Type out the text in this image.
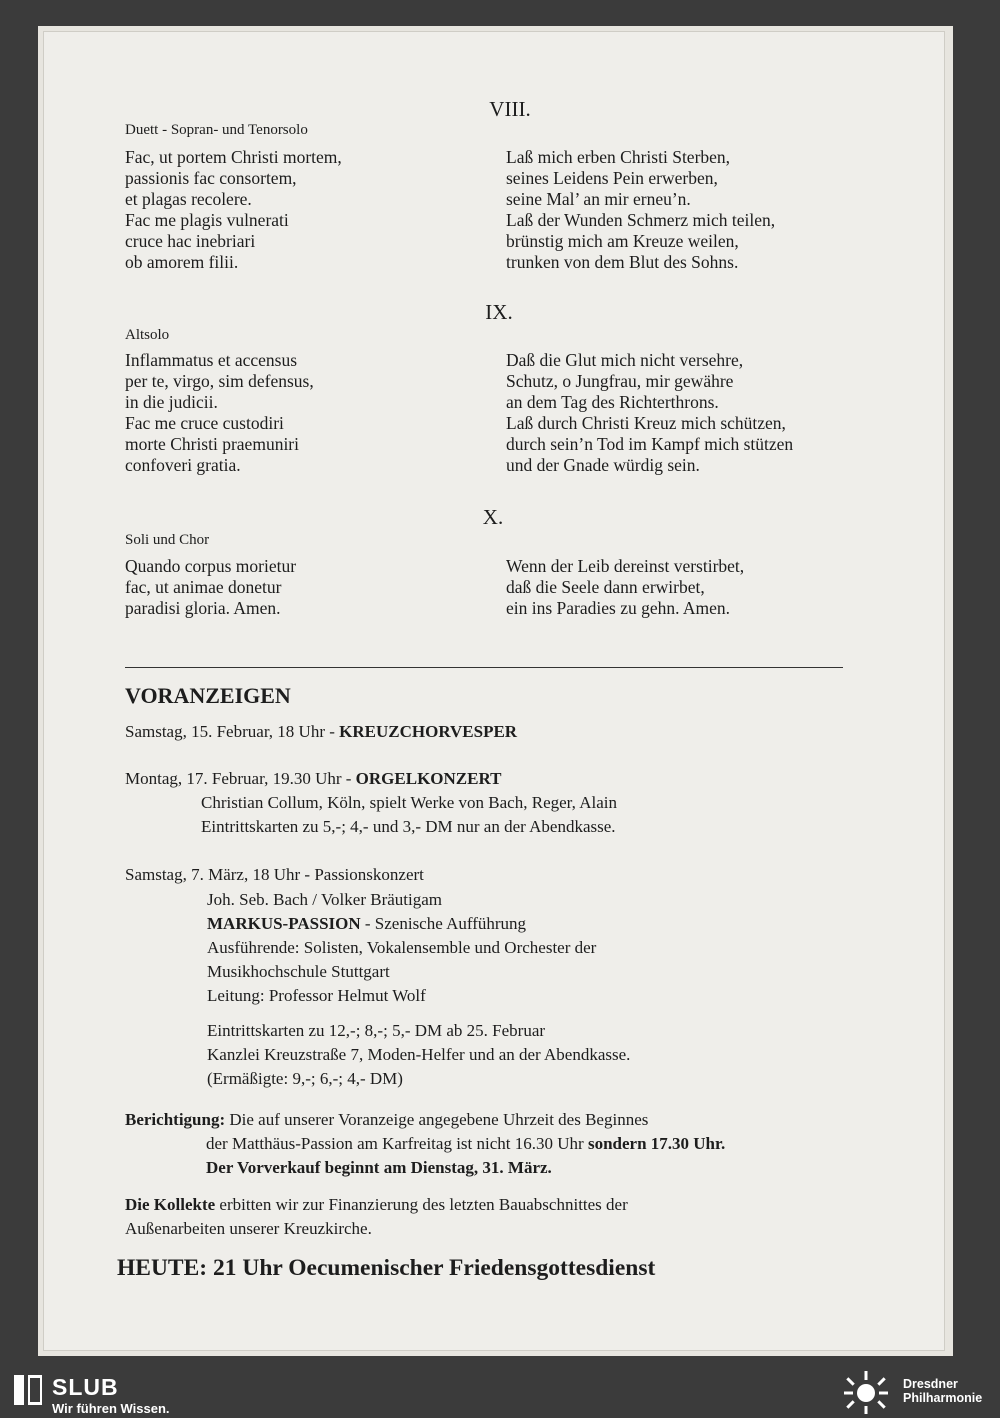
VIII.
Duett - Sopran- und Tenorsolo
Fac, ut portem Christi mortem,
passionis fac consortem,
et plagas recolere.
Fac me plagis vulnerati
cruce hac inebriari
ob amorem filii.
Laß mich erben Christi Sterben,
seines Leidens Pein erwerben,
seine Mal’ an mir erneu’n.
Laß der Wunden Schmerz mich teilen,
brünstig mich am Kreuze weilen,
trunken von dem Blut des Sohns.
IX.
Altsolo
Inflammatus et accensus
per te, virgo, sim defensus,
in die judicii.
Fac me cruce custodiri
morte Christi praemuniri
confoveri gratia.
Daß die Glut mich nicht versehre,
Schutz, o Jungfrau, mir gewähre
an dem Tag des Richterthrons.
Laß durch Christi Kreuz mich schützen,
durch sein’n Tod im Kampf mich stützen
und der Gnade würdig sein.
X.
Soli und Chor
Quando corpus morietur
fac, ut animae donetur
paradisi gloria. Amen.
Wenn der Leib dereinst verstirbet,
daß die Seele dann erwirbet,
ein ins Paradies zu gehn. Amen.
VORANZEIGEN
Samstag, 15. Februar, 18 Uhr - KREUZCHORVESPER
Montag, 17. Februar, 19.30 Uhr - ORGELKONZERT
Christian Collum, Köln, spielt Werke von Bach, Reger, Alain
Eintrittskarten zu 5,-; 4,- und 3,- DM nur an der Abendkasse.
Samstag, 7. März, 18 Uhr - Passionskonzert
Joh. Seb. Bach / Volker Bräutigam
MARKUS-PASSION - Szenische Aufführung
Ausführende: Solisten, Vokalensemble und Orchester der
Musikhochschule Stuttgart
Leitung: Professor Helmut Wolf
Eintrittskarten zu 12,-; 8,-; 5,- DM ab 25. Februar
Kanzlei Kreuzstraße 7, Moden-Helfer und an der Abendkasse.
(Ermäßigte: 9,-; 6,-; 4,- DM)
Berichtigung: Die auf unserer Voranzeige angegebene Uhrzeit des Beginnes
der Matthäus-Passion am Karfreitag ist nicht 16.30 Uhr sondern 17.30 Uhr.
Der Vorverkauf beginnt am Dienstag, 31. März.
Die Kollekte erbitten wir zur Finanzierung des letzten Bauabschnittes der
Außenarbeiten unserer Kreuzkirche.
HEUTE: 21 Uhr Oecumenischer Friedensgottesdienst
SLUB
Wir führen Wissen.
Dresdner
Philharmonie
